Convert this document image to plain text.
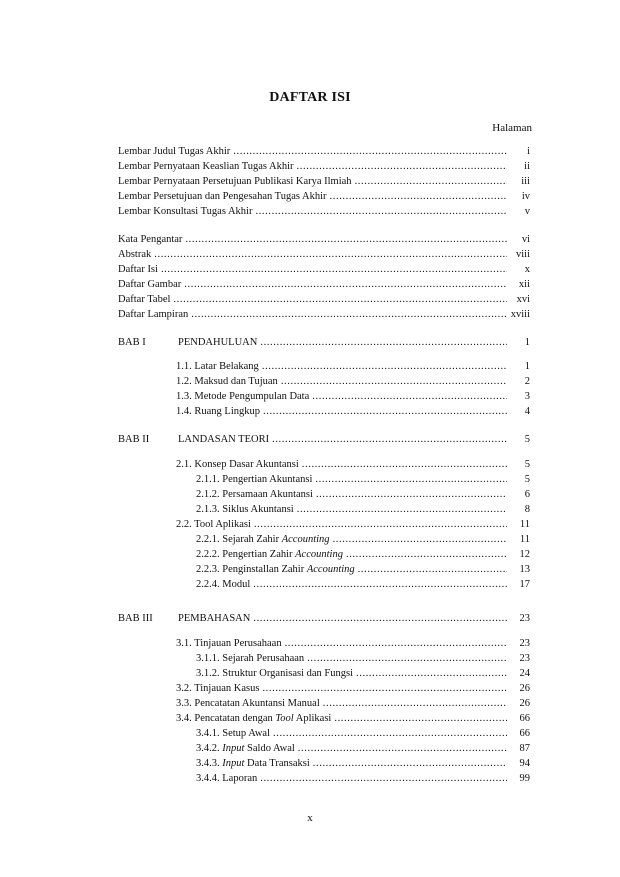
DAFTAR ISI
Halaman
Lembar Judul Tugas Akhir .....	i
Lembar Pernyataan Keaslian Tugas Akhir .....	ii
Lembar Pernyataan Persetujuan Publikasi Karya Ilmiah .....	iii
Lembar Persetujuan dan Pengesahan Tugas Akhir .....	iv
Lembar Konsultasi Tugas Akhir .....	v
Kata Pengantar .....	vi
Abstrak .....	viii
Daftar Isi .....	x
Daftar Gambar .....	xii
Daftar Tabel .....	xvi
Daftar Lampiran .....	xviii
BAB I	PENDAHULUAN .....	1
1.1. Latar Belakang .....	1
1.2. Maksud dan Tujuan .....	2
1.3. Metode Pengumpulan Data .....	3
1.4. Ruang Lingkup .....	4
BAB II	LANDASAN TEORI .....	5
2.1. Konsep Dasar Akuntansi .....	5
2.1.1. Pengertian Akuntansi .....	5
2.1.2. Persamaan Akuntansi .....	6
2.1.3. Siklus Akuntansi .....	8
2.2. Tool Aplikasi .....	11
2.2.1. Sejarah Zahir Accounting .....	11
2.2.2. Pengertian Zahir Accounting .....	12
2.2.3. Penginstallan Zahir Accounting .....	13
2.2.4. Modul .....	17
BAB III	PEMBAHASAN .....	23
3.1. Tinjauan Perusahaan .....	23
3.1.1. Sejarah Perusahaan .....	23
3.1.2. Struktur Organisasi dan Fungsi .....	24
3.2. Tinjauan Kasus .....	26
3.3. Pencatatan Akuntansi Manual .....	26
3.4. Pencatatan dengan Tool Aplikasi .....	66
3.4.1. Setup Awal .....	66
3.4.2. Input Saldo Awal .....	87
3.4.3. Input Data Transaksi .....	94
3.4.4. Laporan .....	99
x
